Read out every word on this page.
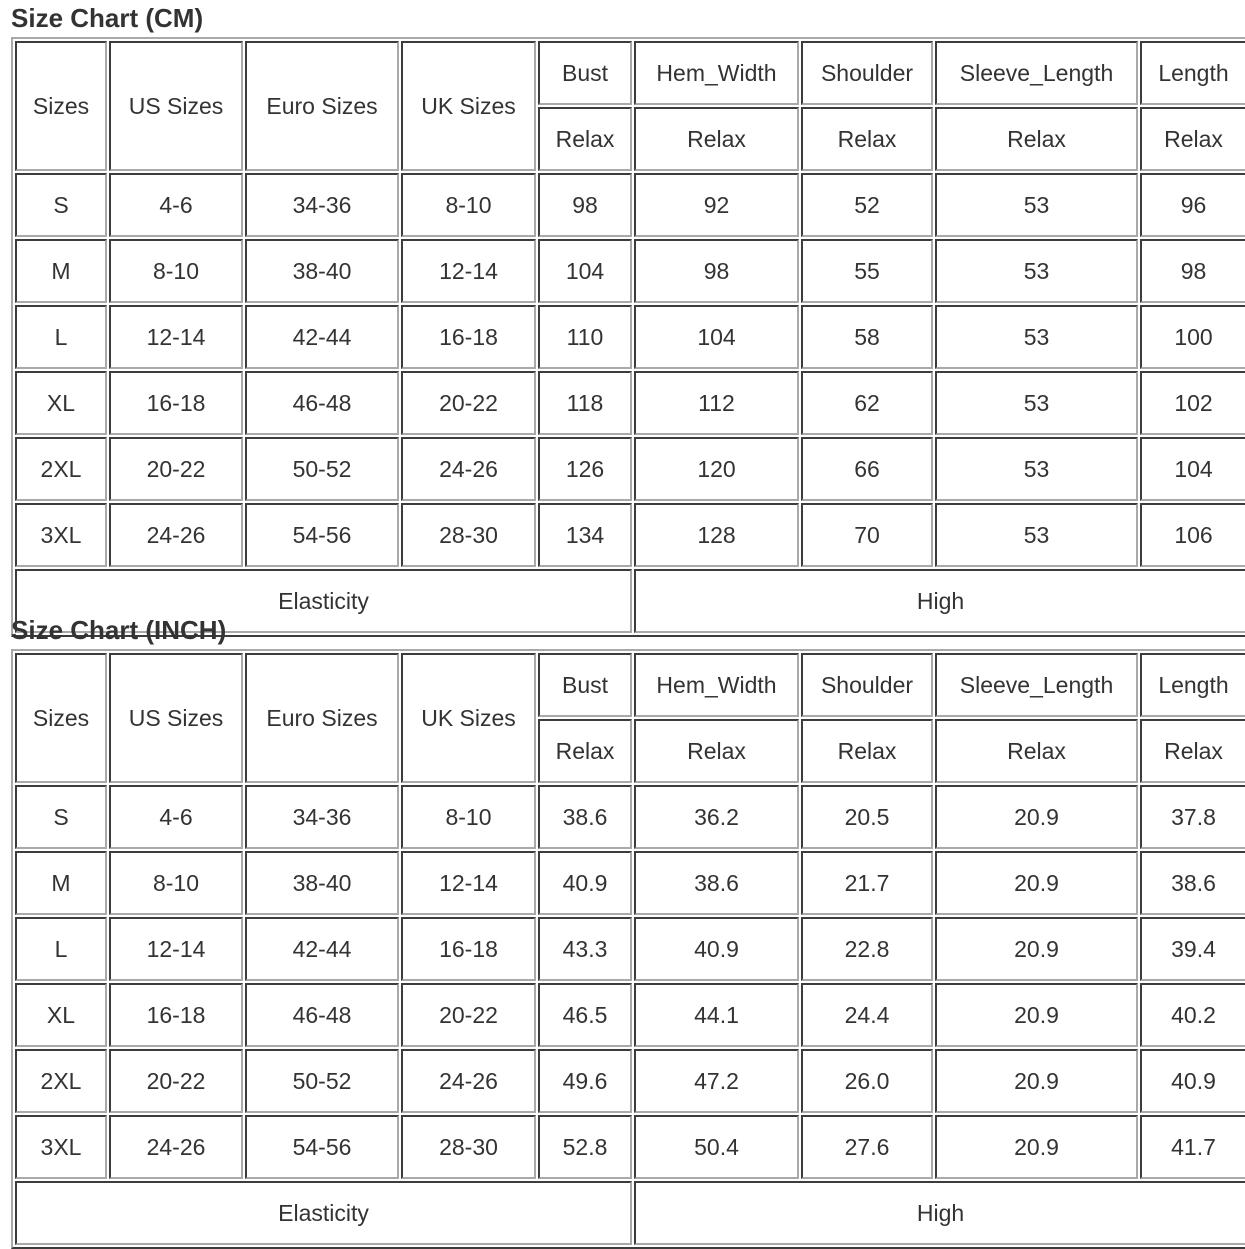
Size Chart (CM)
Sizes	US Sizes	Euro Sizes	UK Sizes	Bust	Hem_Width	Shoulder	Sleeve_Length	Length
				Relax	Relax	Relax	Relax	Relax
S	4-6	34-36	8-10	98	92	52	53	96
M	8-10	38-40	12-14	104	98	55	53	98
L	12-14	42-44	16-18	110	104	58	53	100
XL	16-18	46-48	20-22	118	112	62	53	102
2XL	20-22	50-52	24-26	126	120	66	53	104
3XL	24-26	54-56	28-30	134	128	70	53	106
Elasticity					High			
Size Chart (INCH)
Sizes	US Sizes	Euro Sizes	UK Sizes	Bust	Hem_Width	Shoulder	Sleeve_Length	Length
				Relax	Relax	Relax	Relax	Relax
S	4-6	34-36	8-10	38.6	36.2	20.5	20.9	37.8
M	8-10	38-40	12-14	40.9	38.6	21.7	20.9	38.6
L	12-14	42-44	16-18	43.3	40.9	22.8	20.9	39.4
XL	16-18	46-48	20-22	46.5	44.1	24.4	20.9	40.2
2XL	20-22	50-52	24-26	49.6	47.2	26.0	20.9	40.9
3XL	24-26	54-56	28-30	52.8	50.4	27.6	20.9	41.7
Elasticity					High			
